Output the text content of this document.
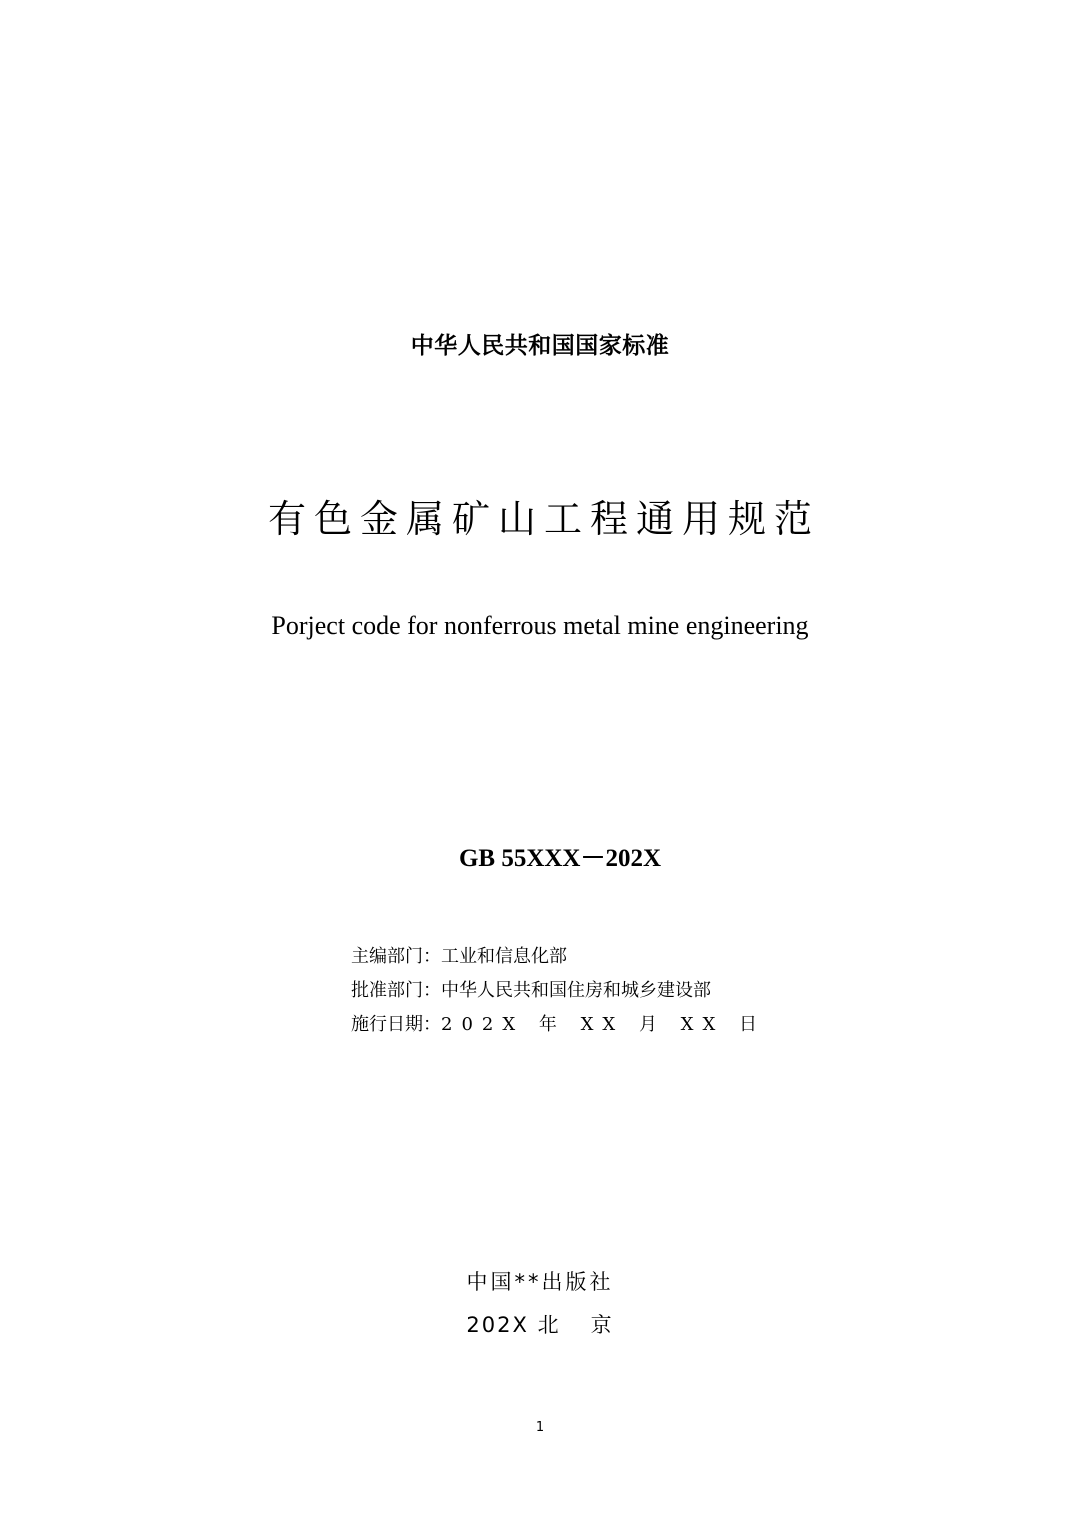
中华人民共和国国家标准
有色金属矿山工程通用规范
Porject code for nonferrous metal mine engineering
GB 55XXX－202X
主编部门：工业和信息化部
批准部门：中华人民共和国住房和城乡建设部
施行日期：202X 年 XX 月 XX 日
中国**出版社
202X 北 京
1
